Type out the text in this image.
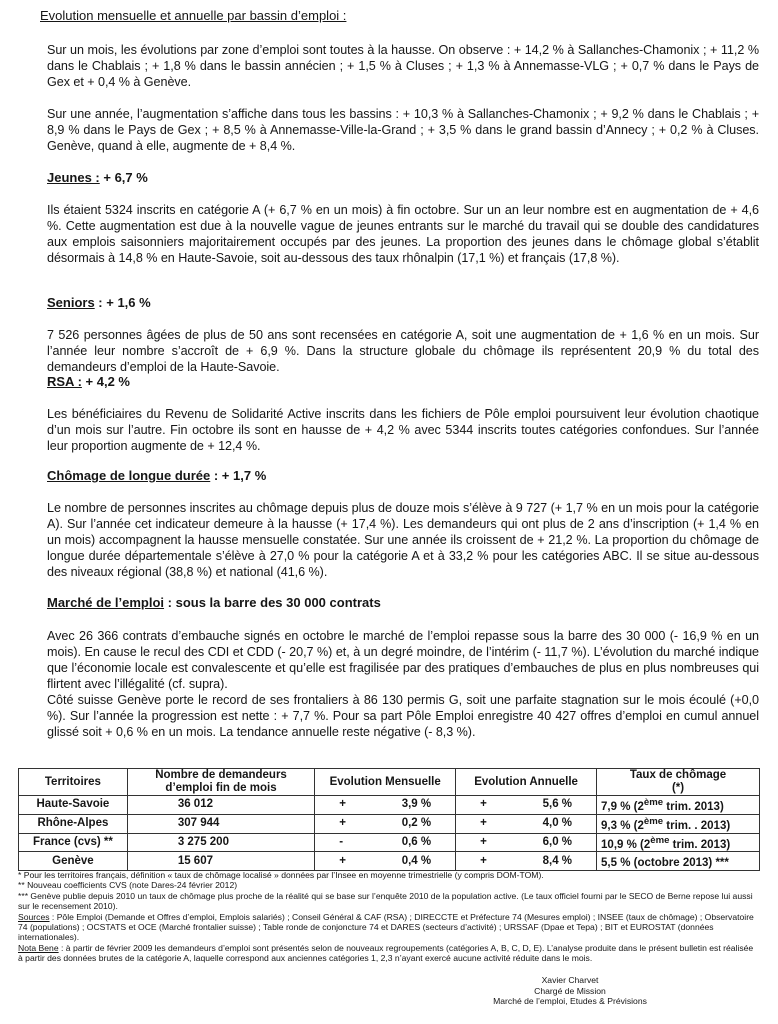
Evolution mensuelle et annuelle par bassin d’emploi :

Sur un mois, les évolutions par zone d’emploi sont toutes à la hausse. On observe : + 14,2 % à Sallanches-Chamonix ; + 11,2 % dans le Chablais ; + 1,8 % dans le bassin annécien ; + 1,5 % à Cluses ; + 1,3 % à Annemasse-VLG ; + 0,7 % dans le Pays de Gex et + 0,4 % à Genève.

Sur une année, l’augmentation s’affiche dans tous les bassins : + 10,3 % à Sallanches-Chamonix ; + 9,2 % dans le Chablais ; + 8,9 % dans le Pays de Gex ; + 8,5 % à Annemasse-Ville-la-Grand ; + 3,5 % dans le grand bassin d’Annecy ; + 0,2 % à Cluses. Genève, quand à elle, augmente de + 8,4 %.

Jeunes : + 6,7 %

Ils étaient 5324 inscrits en catégorie A (+ 6,7 % en un mois) à fin octobre. Sur un an leur nombre est en augmentation de + 4,6 %. Cette augmentation est due à la nouvelle vague de jeunes entrants sur le marché du travail qui se double des candidatures aux emplois saisonniers majoritairement occupés par des jeunes. La proportion des jeunes dans le chômage global s’établit désormais à 14,8 % en Haute-Savoie, soit au-dessous des taux rhônalpin (17,1 %) et français (17,8 %).

Seniors : + 1,6 %

7 526 personnes âgées de plus de 50 ans sont recensées en catégorie A, soit une augmentation de + 1,6 % en un mois. Sur l’année leur nombre s’accroît de + 6,9 %. Dans la structure globale du chômage ils représentent 20,9 % du total des demandeurs d’emploi de la Haute-Savoie.

RSA : + 4,2 %

Les bénéficiaires du Revenu de Solidarité Active inscrits dans les fichiers de Pôle emploi poursuivent leur évolution chaotique d’un mois sur l’autre. Fin octobre ils sont en hausse de + 4,2 % avec 5344 inscrits toutes catégories confondues. Sur l’année leur proportion augmente de + 12,4 %.

Chômage de longue durée : + 1,7 %

Le nombre de personnes inscrites au chômage depuis plus de douze mois s’élève à 9 727 (+ 1,7 % en un mois pour la catégorie A). Sur l’année cet indicateur demeure à la hausse (+ 17,4 %). Les demandeurs qui ont plus de 2 ans d’inscription (+ 1,4 % en un mois) accompagnent la hausse mensuelle constatée. Sur une année ils croissent de + 21,2 %. La proportion du chômage de longue durée départementale s’élève à 27,0 % pour la catégorie A et à 33,2 % pour les catégories ABC. Il se situe au-dessous des niveaux régional (38,8 %) et national (41,6 %).

Marché de l’emploi : sous la barre des 30 000 contrats

Avec 26 366 contrats d’embauche signés en octobre le marché de l’emploi repasse sous la barre des 30 000 (- 16,9 % en un mois). En cause le recul des CDI et CDD (- 20,7 %) et, à un degré moindre, de l’intérim (- 11,7 %). L’évolution du marché indique que l’économie locale est convalescente et qu’elle est fragilisée par des pratiques d’embauches de plus en plus nombreuses qui flirtent avec l’illégalité (cf. supra).

Côté suisse Genève porte le record de ses frontaliers à 86 130 permis G, soit une parfaite stagnation sur le mois écoulé (+0,0 %). Sur l’année la progression est nette : + 7,7 %. Pour sa part Pôle Emploi enregistre 40 427 offres d’emploi en cumul annuel glissé soit + 0,6 % en un mois. La tendance annuelle reste négative (- 8,3 %).

Territoires	Nombre de demandeurs d’emploi fin de mois	Evolution Mensuelle	Evolution Annuelle	Taux de chômage
(*)
Haute-Savoie	36 012	+ 3,9 %	+ 5,6 %	7,9 % (2ème trim. 2013)
Rhône-Alpes	307 944	+ 0,2 %	+ 4,0 %	9,3 % (2ème trim. . 2013)
France (cvs) **	3 275 200	- 0,6 %	+ 6,0 %	10,9 % (2ème trim. 2013)
Genève	15 607	+ 0,4 %	+ 8,4 %	5,5 % (octobre 2013) ***

* Pour les territoires français, définition « taux de chômage localisé » données par l’Insee en moyenne trimestrielle (y compris DOM-TOM).

** Nouveau coefficients CVS (note Dares-24 février 2012)

*** Genève publie depuis 2010 un taux de chômage plus proche de la réalité qui se base sur l’enquête 2010 de la population active. (Le taux officiel fourni par le SECO de Berne repose lui aussi sur le recensement 2010).

Sources : Pôle Emploi (Demande et Offres d’emploi, Emplois salariés) ; Conseil Général & CAF (RSA) ; DIRECCTE et Préfecture 74 (Mesures emploi) ; INSEE (taux de chômage) ; Observatoire 74 (populations) ; OCSTATS et OCE (Marché frontalier suisse) ; Table ronde de conjoncture 74 et DARES (secteurs d’activité) ; URSSAF (Dpae et Tepa) ; BIT et EUROSTAT (données internationales).

Nota Bene : à partir de février 2009 les demandeurs d’emploi sont présentés selon de nouveaux regroupements (catégories A, B, C, D, E). L’analyse produite dans le présent bulletin est réalisée à partir des données brutes de la catégorie A, laquelle correspond aux anciennes catégories 1, 2,3 n’ayant exercé aucune activité réduite dans le mois.

Xavier Charvet

Chargé de Mission

Marché de l’emploi, Etudes & Prévisions
